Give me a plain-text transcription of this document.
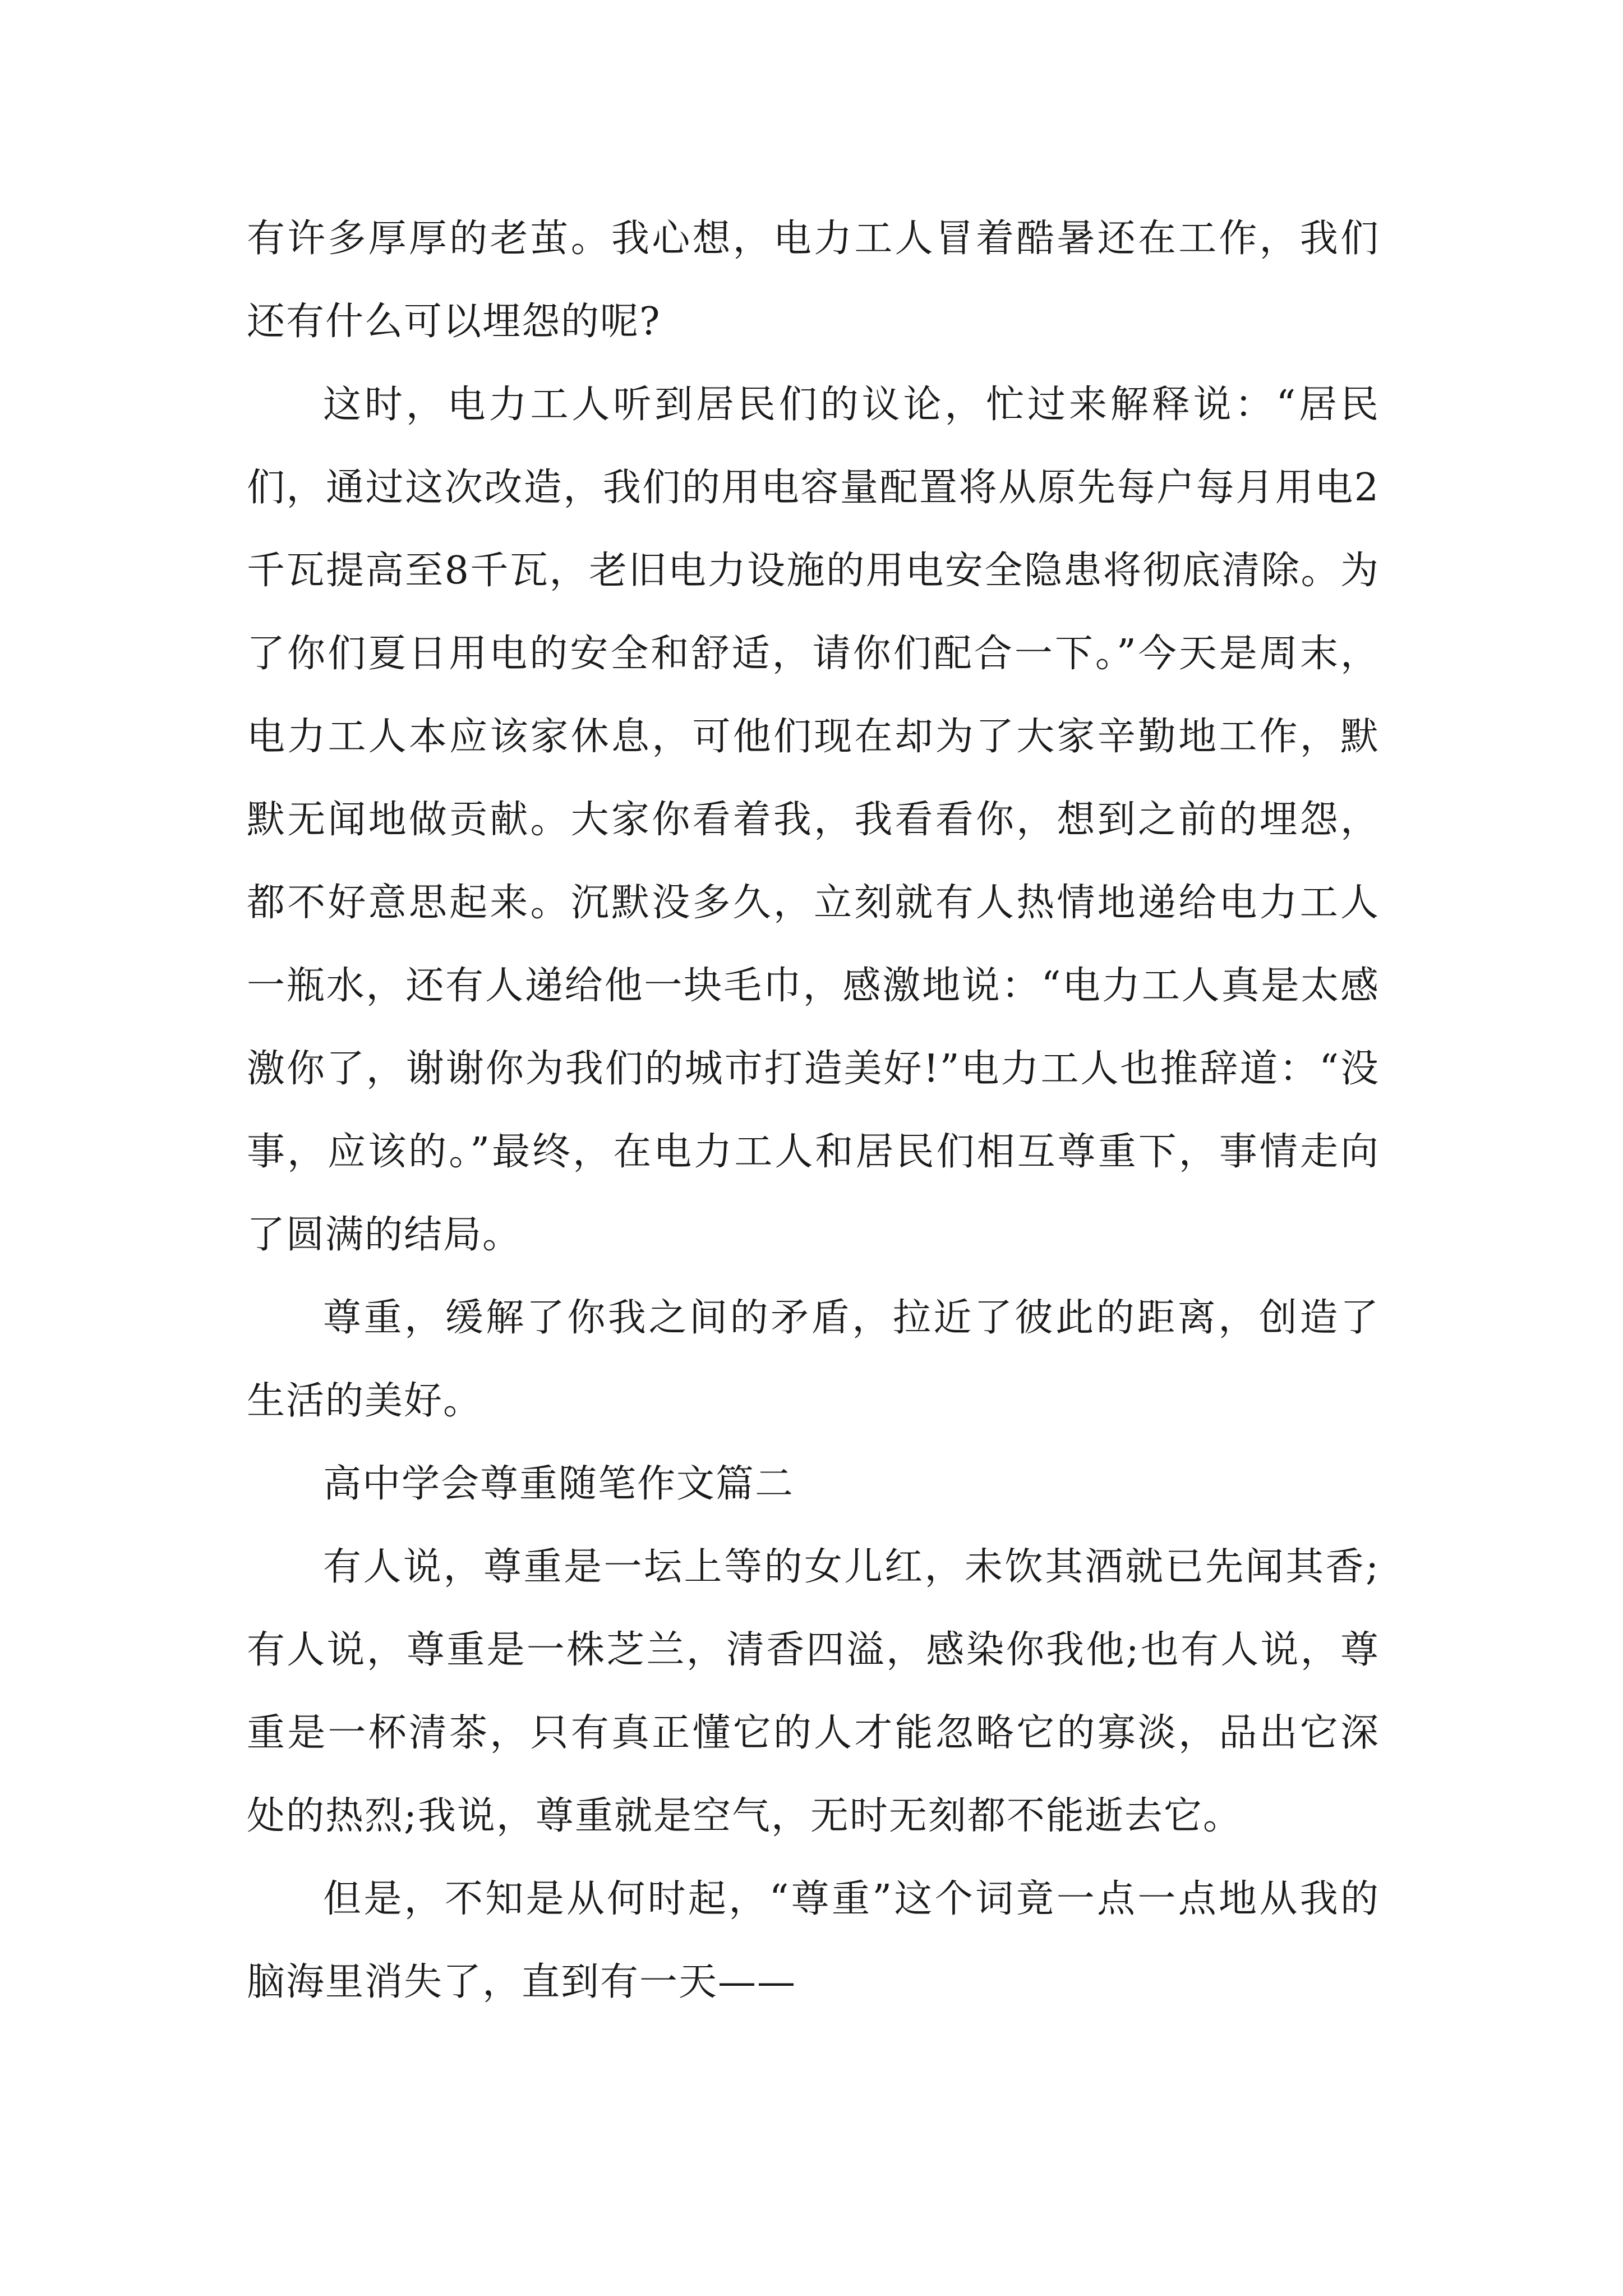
有许多厚厚的老茧。我心想，电力工人冒着酷暑还在工作，我们还有什么可以埋怨的呢?

这时，电力工人听到居民们的议论，忙过来解释说：“居民们，通过这次改造，我们的用电容量配置将从原先每户每月用电2千瓦提高至8千瓦，老旧电力设施的用电安全隐患将彻底清除。为了你们夏日用电的安全和舒适，请你们配合一下。”今天是周末，电力工人本应该家休息，可他们现在却为了大家辛勤地工作，默默无闻地做贡献。大家你看着我，我看看你，想到之前的埋怨，都不好意思起来。沉默没多久，立刻就有人热情地递给电力工人一瓶水，还有人递给他一块毛巾，感激地说：“电力工人真是太感激你了，谢谢你为我们的城市打造美好!”电力工人也推辞道：“没事，应该的。”最终，在电力工人和居民们相互尊重下，事情走向了圆满的结局。

尊重，缓解了你我之间的矛盾，拉近了彼此的距离，创造了生活的美好。

高中学会尊重随笔作文篇二

有人说，尊重是一坛上等的女儿红，未饮其酒就已先闻其香;有人说，尊重是一株芝兰，清香四溢，感染你我他;也有人说，尊重是一杯清茶，只有真正懂它的人才能忽略它的寡淡，品出它深处的热烈;我说，尊重就是空气，无时无刻都不能逝去它。

但是，不知是从何时起，“尊重”这个词竟一点一点地从我的脑海里消失了，直到有一天——
